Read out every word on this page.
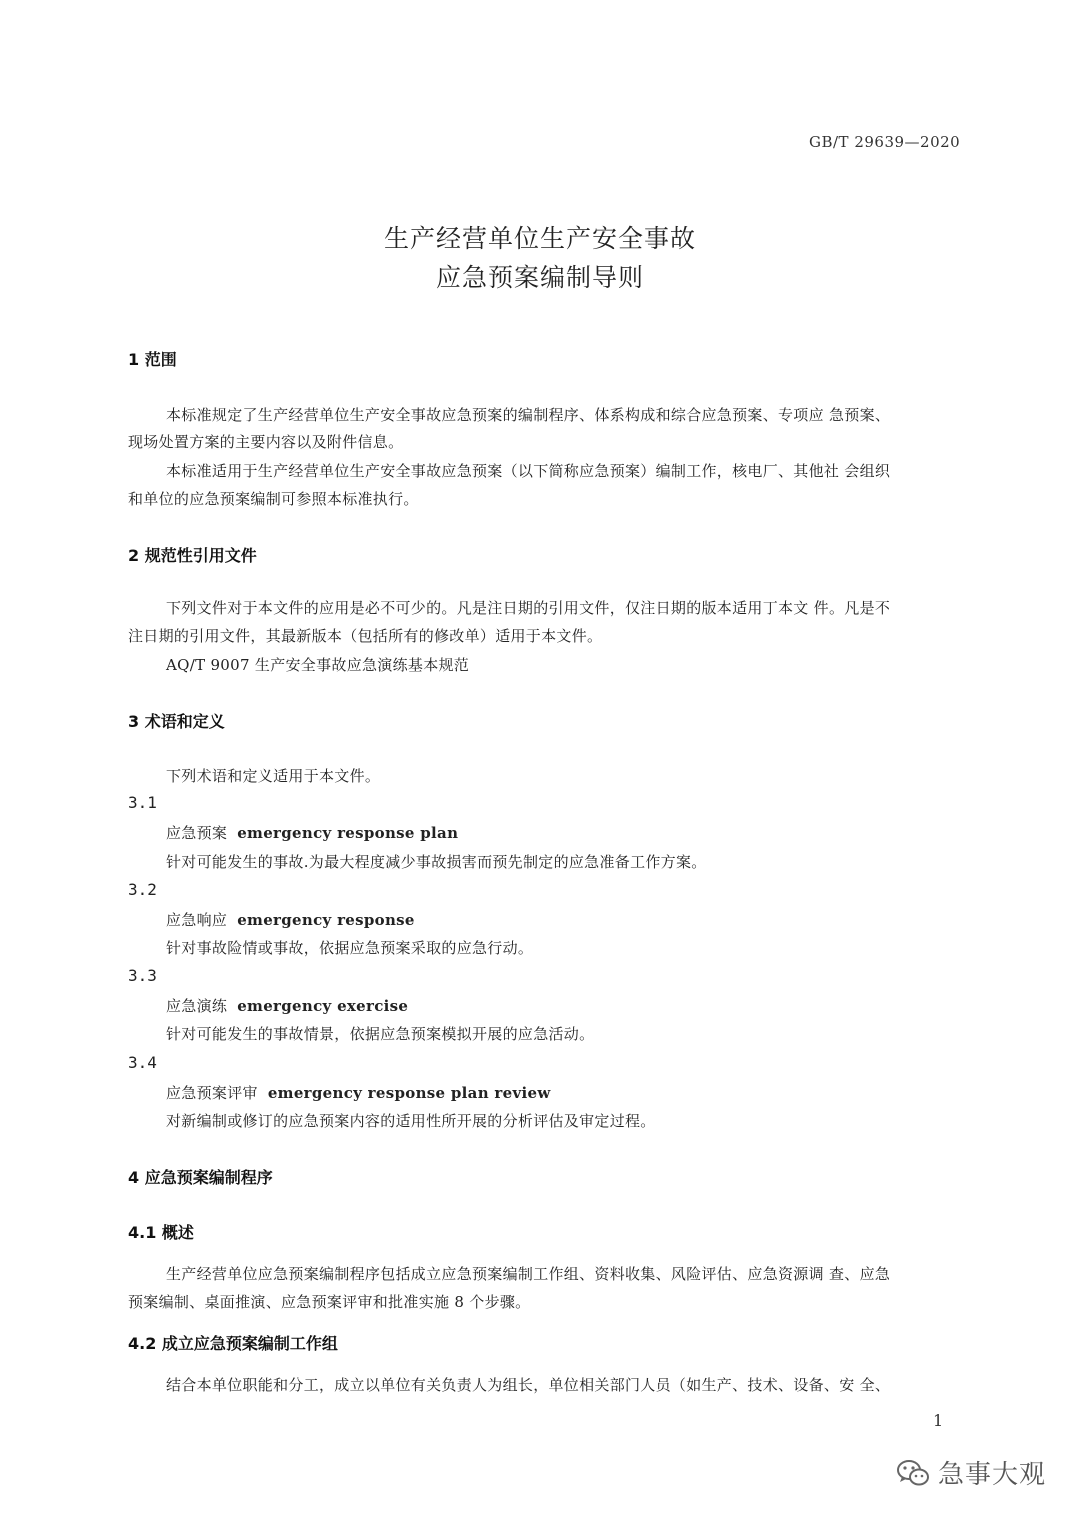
GB/T 29639—2020
生产经营单位生产安全事故
应急预案编制导则
1 范围
本标准规定了生产经营单位生产安全事故应急预案的编制程序、体系构成和综合应急预案、专项应 急预案、
现场处置方案的主要内容以及附件信息。
本标准适用于生产经营单位生产安全事故应急预案（以下简称应急预案）编制工作，核电厂、其他社 会组织
和单位的应急预案编制可参照本标准执行。
2 规范性引用文件
下列文件对于本文件的应用是必不可少的。凡是注日期的引用文件，仅注日期的版本适用丁本文 件。凡是不
注日期的引用文件，其最新版本（包括所有的修改单）适用于本文件。
AQ/T 9007 生产安全事故应急演练基本规范
3 术语和定义
下列术语和定义适用于本文件。
3.1
应急预案 emergency response plan
针对可能发生的事故.为最大程度减少事故损害而预先制定的应急准备工作方案。
3.2
应急响应 emergency response
针对事故险情或事故，依据应急预案采取的应急行动。
3.3
应急演练 emergency exercise
针对可能发生的事故情景，依据应急预案模拟开展的应急活动。
3.4
应急预案评审 emergency response plan review
对新编制或修订的应急预案内容的适用性所开展的分析评估及审定过程。
4 应急预案编制程序
4.1 概述
生产经营单位应急预案编制程序包括成立应急预案编制工作组、资料收集、风险评估、应急资源调 查、应急
预案编制、桌面推演、应急预案评审和批准实施 8 个步骤。
4.2 成立应急预案编制工作组
结合本单位职能和分工，成立以单位有关负责人为组长，单位相关部门人员（如生产、技术、设备、安 全、
1
急事大观
